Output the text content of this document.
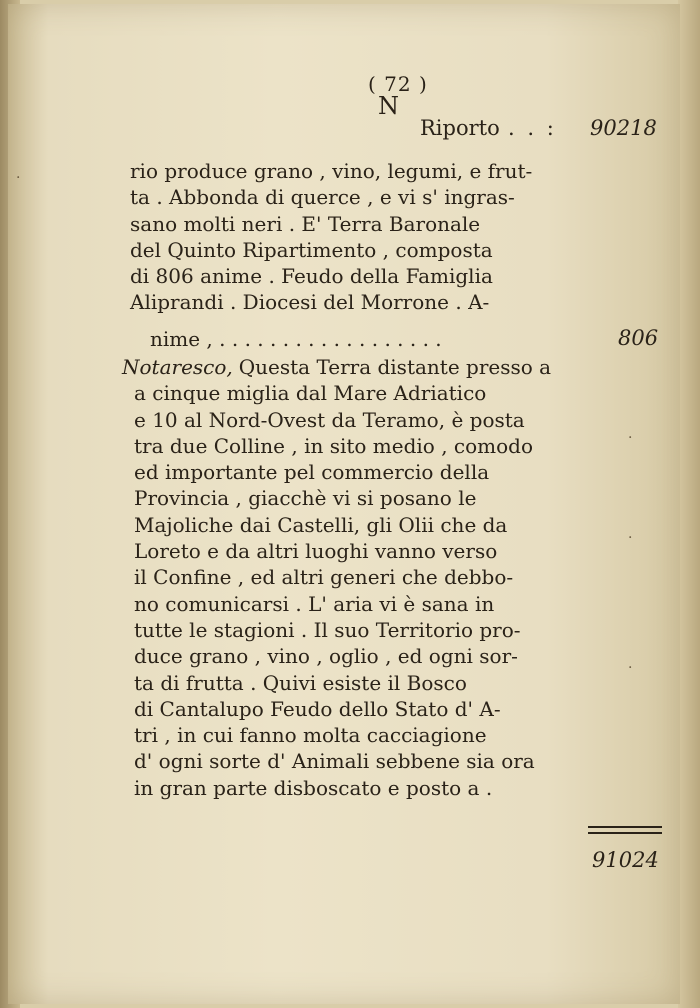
( 72 )
N
Riporto . . : 90218
rio produce grano , vino, legumi, e frut-
ta . Abbonda di querce , e vi s' ingras-
sano molti neri . E' Terra Baronale
del Quinto Ripartimento , composta
di 806 anime . Feudo della Famiglia
Aliprandi . Diocesi del Morrone . A-
nime , . . . . . . . . . . . . . . . . . .	806
Notaresco, Questa Terra distante presso a
a cinque miglia dal Mare Adriatico
e 10 al Nord-Ovest da Teramo, è posta
tra due Colline , in sito medio , comodo
ed importante pel commercio della
Provincia , giacchè vi si posano le
Majoliche dai Castelli, gli Olii che da
Loreto e da altri luoghi vanno verso
il Confine , ed altri generi che debbo-
no comunicarsi . L' aria vi è sana in
tutte le stagioni . Il suo Territorio pro-
duce grano , vino , oglio , ed ogni sor-
ta di frutta . Quivi esiste il Bosco
di Cantalupo Feudo dello Stato d' A-
tri , in cui fanno molta cacciagione
d' ogni sorte d' Animali sebbene sia ora
in gran parte disboscato e posto a .
91024
·
·
·
·
